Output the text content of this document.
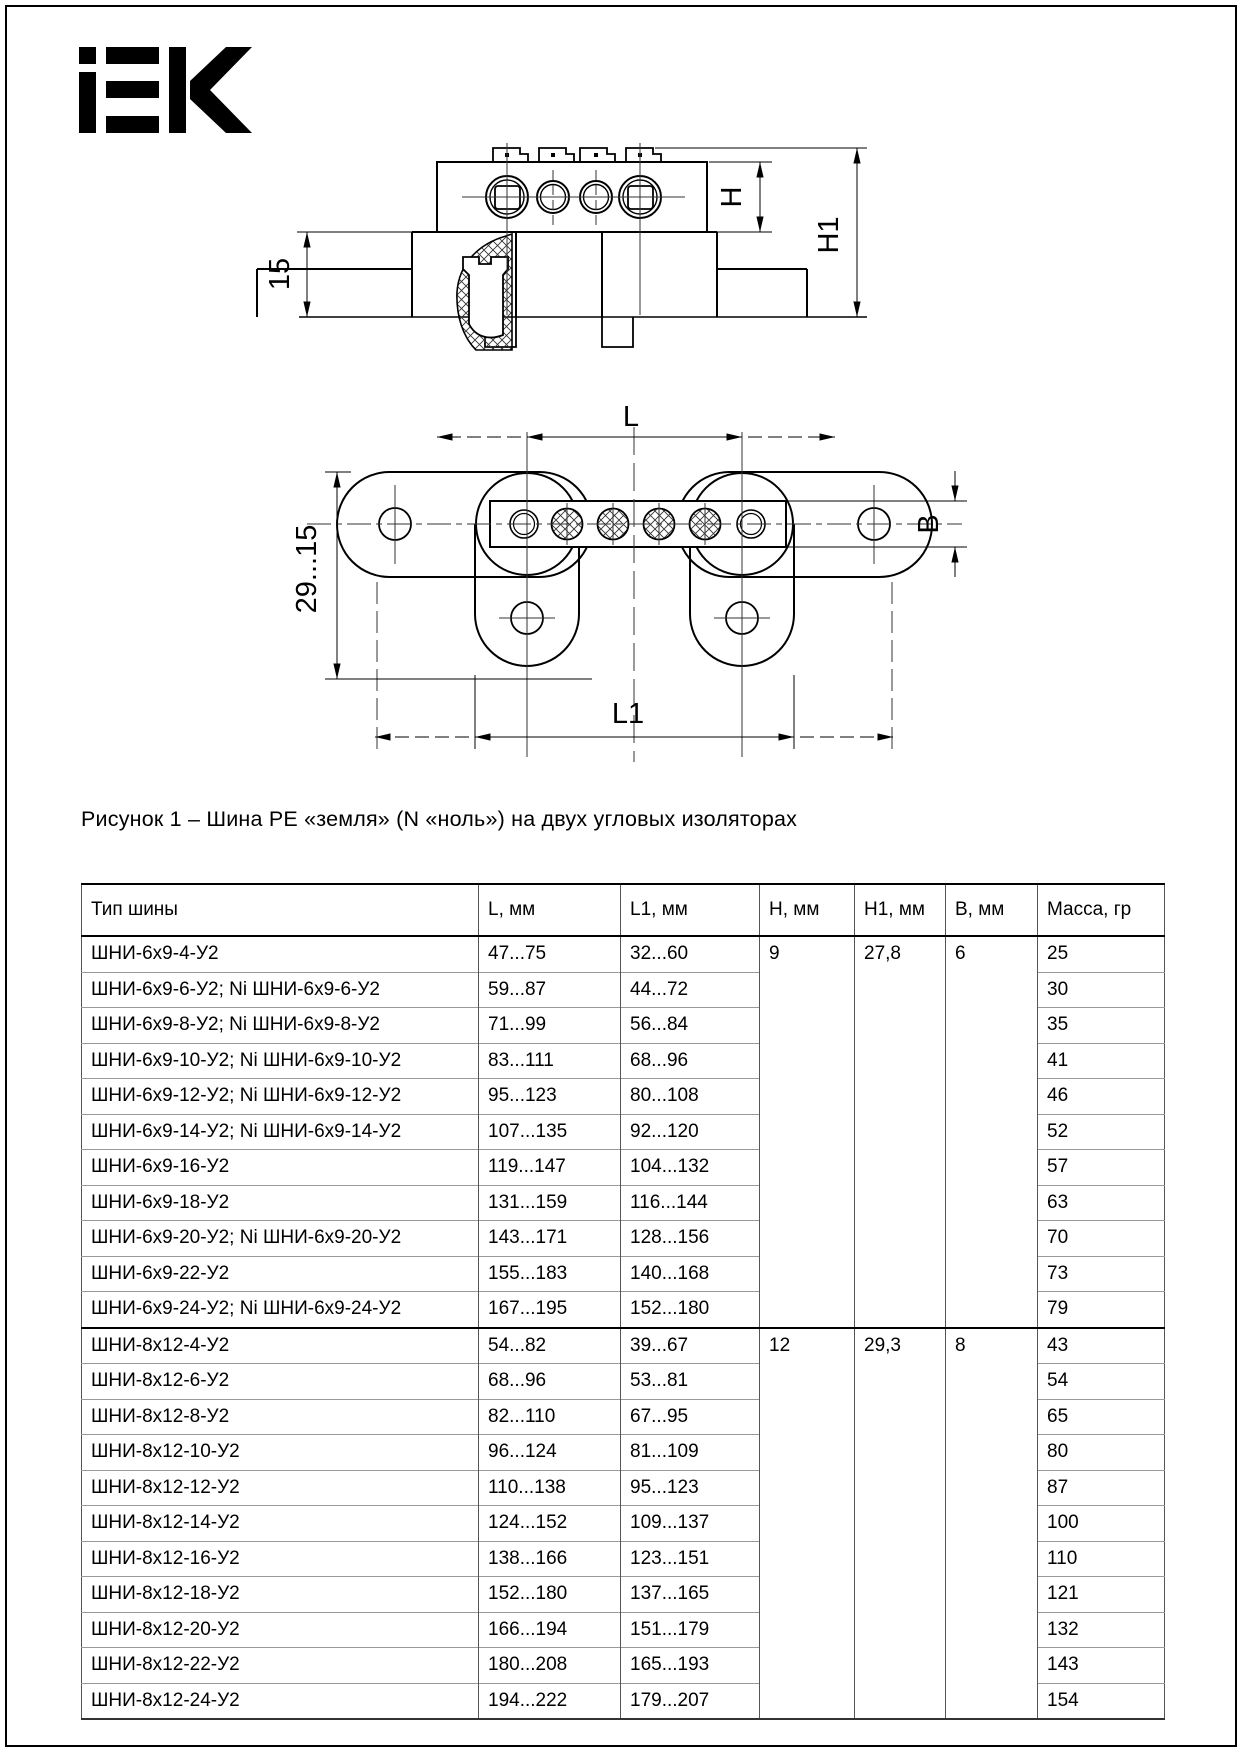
15
H
H1
L
29...15
B
L1
Рисунок 1 – Шина PE «земля» (N «ноль») на двух угловых изоляторах
Тип шины	L, мм	L1, мм	H, мм	H1, мм	B, мм	Масса, гр
ШНИ-6х9-4-У2	47...75	32...60	9	27,8	6	25
ШНИ-6х9-6-У2; Ni ШНИ-6х9-6-У2	59...87	44...72				30
ШНИ-6х9-8-У2; Ni ШНИ-6х9-8-У2	71...99	56...84				35
ШНИ-6х9-10-У2; Ni ШНИ-6х9-10-У2	83...111	68...96				41
ШНИ-6х9-12-У2; Ni ШНИ-6х9-12-У2	95...123	80...108				46
ШНИ-6х9-14-У2; Ni ШНИ-6х9-14-У2	107...135	92...120				52
ШНИ-6х9-16-У2	119...147	104...132				57
ШНИ-6х9-18-У2	131...159	116...144				63
ШНИ-6х9-20-У2; Ni ШНИ-6х9-20-У2	143...171	128...156				70
ШНИ-6х9-22-У2	155...183	140...168				73
ШНИ-6х9-24-У2; Ni ШНИ-6х9-24-У2	167...195	152...180				79
ШНИ-8х12-4-У2	54...82	39...67	12	29,3	8	43
ШНИ-8х12-6-У2	68...96	53...81				54
ШНИ-8х12-8-У2	82...110	67...95				65
ШНИ-8х12-10-У2	96...124	81...109				80
ШНИ-8х12-12-У2	110...138	95...123				87
ШНИ-8х12-14-У2	124...152	109...137				100
ШНИ-8х12-16-У2	138...166	123...151				110
ШНИ-8х12-18-У2	152...180	137...165				121
ШНИ-8х12-20-У2	166...194	151...179				132
ШНИ-8х12-22-У2	180...208	165...193				143
ШНИ-8х12-24-У2	194...222	179...207				154
